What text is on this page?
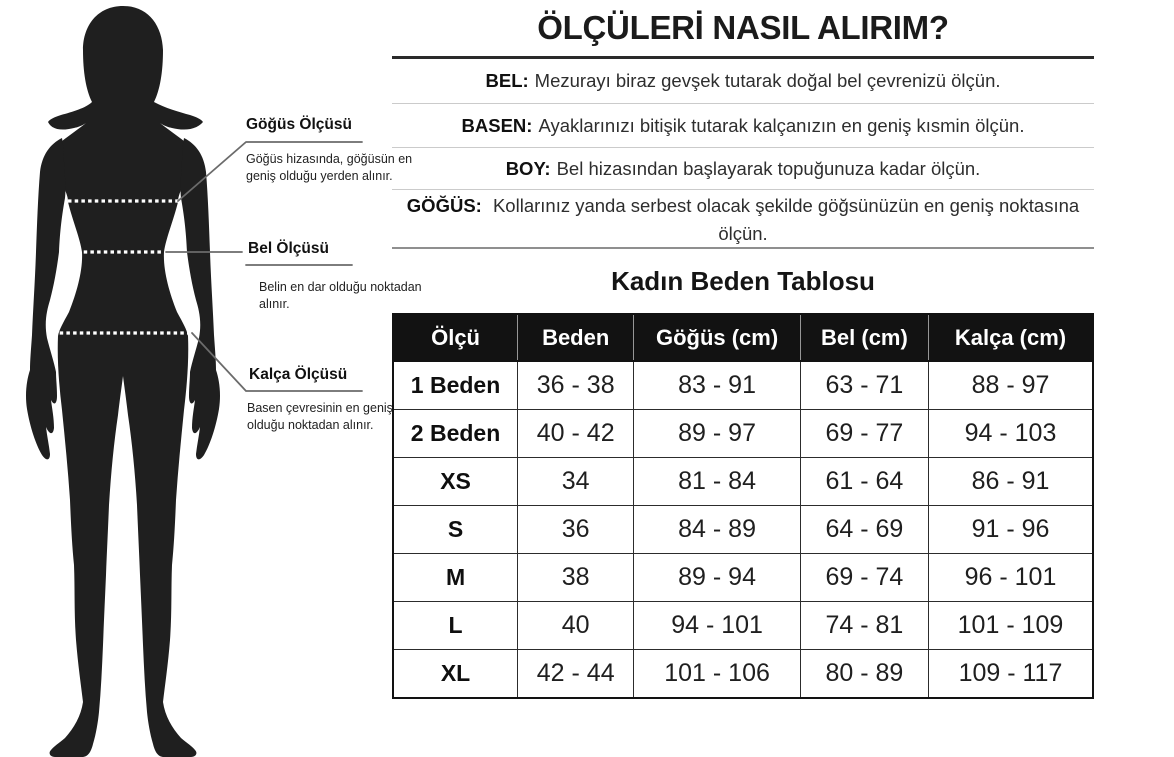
Göğüs Ölçüsü
Göğüs hizasında, göğüsün en geniş olduğu yerden alınır.
Bel Ölçüsü
Belin en dar olduğu noktadan alınır.
Kalça Ölçüsü
Basen çevresinin en geniş olduğu noktadan alınır.
ÖLÇÜLERİ NASIL ALIRIM?
BEL: Mezurayı biraz gevşek tutarak doğal bel çevrenizü ölçün.
BASEN: Ayaklarınızı bitişik tutarak kalçanızın en geniş kısmin ölçün.
BOY: Bel hizasından başlayarak topuğunuza kadar ölçün.
GÖĞÜS: Kollarınız yanda serbest olacak şekilde göğsünüzün en geniş noktasına ölçün.
Kadın Beden Tablosu
Ölçü	Beden	Göğüs (cm)	Bel (cm)	Kalça (cm)
1 Beden	36 - 38	83 - 91	63 - 71	88 - 97
2 Beden	40 - 42	89 - 97	69 - 77	94 - 103
XS	34	81 - 84	61 - 64	86 - 91
S	36	84 - 89	64 - 69	91 - 96
M	38	89 - 94	69 - 74	96 - 101
L	40	94 - 101	74 - 81	101 - 109
XL	42 - 44	101 - 106	80 - 89	109 - 117
